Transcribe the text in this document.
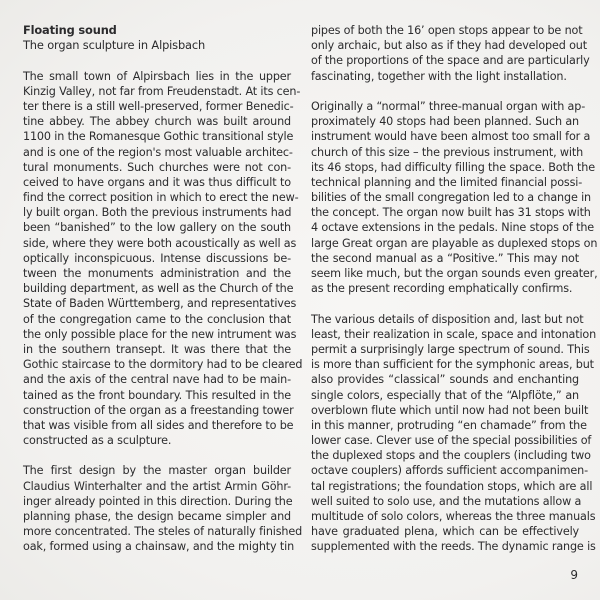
Floating sound
The organ sculpture in Alpisbach
The small town of Alpirsbach lies in the upper
Kinzig Valley, not far from Freudenstadt. At its cen-
ter there is a still well-preserved, former Benedic-
tine abbey. The abbey church was built around
1100 in the Romanesque Gothic transitional style
and is one of the region's most valuable architec-
tural monuments. Such churches were not con-
ceived to have organs and it was thus difficult to
find the correct position in which to erect the new-
ly built organ. Both the previous instruments had
been “banished” to the low gallery on the south
side, where they were both acoustically as well as
optically inconspicuous. Intense discussions be-
tween the monuments administration and the
building department, as well as the Church of the
State of Baden Württemberg, and representatives
of the congregation came to the conclusion that
the only possible place for the new intrument was
in the southern transept. It was there that the
Gothic staircase to the dormitory had to be cleared
and the axis of the central nave had to be main-
tained as the front boundary. This resulted in the
construction of the organ as a freestanding tower
that was visible from all sides and therefore to be
constructed as a sculpture.
The first design by the master organ builder
Claudius Winterhalter and the artist Armin Göhr-
inger already pointed in this direction. During the
planning phase, the design became simpler and
more concentrated. The steles of naturally finished
oak, formed using a chainsaw, and the mighty tin
pipes of both the 16’ open stops appear to be not
only archaic, but also as if they had developed out
of the proportions of the space and are particularly
fascinating, together with the light installation.
Originally a “normal” three-manual organ with ap-
proximately 40 stops had been planned. Such an
instrument would have been almost too small for a
church of this size – the previous instrument, with
its 46 stops, had difficulty filling the space. Both the
technical planning and the limited financial possi-
bilities of the small congregation led to a change in
the concept. The organ now built has 31 stops with
4 octave extensions in the pedals. Nine stops of the
large Great organ are playable as duplexed stops on
the second manual as a “Positive.” This may not
seem like much, but the organ sounds even greater,
as the present recording emphatically confirms.
The various details of disposition and, last but not
least, their realization in scale, space and intonation
permit a surprisingly large spectrum of sound. This
is more than sufficient for the symphonic areas, but
also provides “classical” sounds and enchanting
single colors, especially that of the “Alpflöte,” an
overblown flute which until now had not been built
in this manner, protruding “en chamade” from the
lower case. Clever use of the special possibilities of
the duplexed stops and the couplers (including two
octave couplers) affords sufficient accompanimen-
tal registrations; the foundation stops, which are all
well suited to solo use, and the mutations allow a
multitude of solo colors, whereas the three manuals
have graduated plena, which can be effectively
supplemented with the reeds. The dynamic range is
9
